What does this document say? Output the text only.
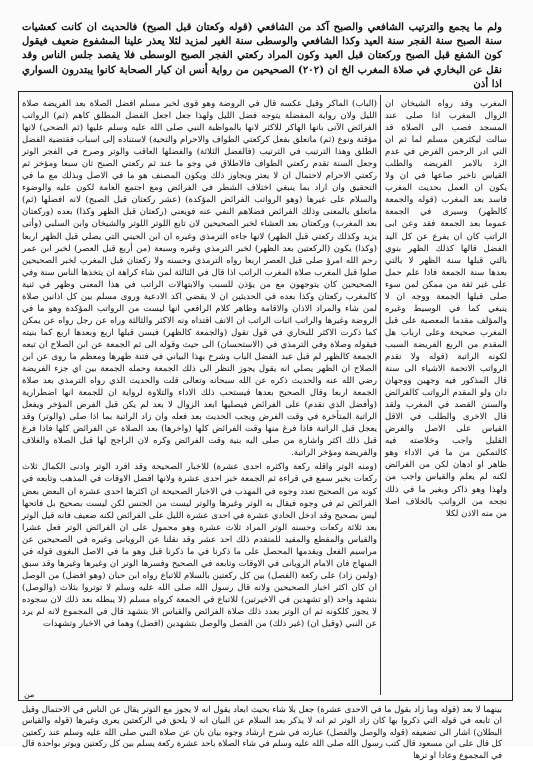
ولم ما يجمع والترتيب الشافعي والصبح آكد من الشافعي (قوله وكعتان قبل الصبح) فالحديث ان كانت كعشيات سنة الصبح سنة الفجر سنة العيد وكذا الشافعي والوسطى سنة الغير لمزيد لئلا يعذر علينا المشفوع ضعيف فيقول كون الشفع قبل الصبح وركعتان قبل العيد وكون المراد ركعتي الفجر الصبح الوسطى فلا يقصد جلس الناس وقد نقل عن البخاري في صلاة المغرب الخ ان (٢٠٢) الصحيحين من رواية أنس ان كبار الصحابة كانوا يبتدرون السواري اذا أذن

(الباب) الماكر وقيل عكسه قال في الروضة وهو قوى لخبر مسلم افضل الصلاة بعد الفريضة صلاة الليل ولان رواية المفضلة يتوجه فضل الليل ولهذا جعل اجعل الفضل المطلق كاهم (ثم) الرواتب الفرائض الآتى بانها الهاكر للاكثر لانها بالمواظبة النبي صلى الله عليه وسلم عليها (ثم الضحى) لانها مؤقتة ونوع (ثم) ماتعلق بفعل كركعتي الطواف والاحرام والتحية) لاستناده إلى اسباب فقتضية الفضل الطلق وهذا الترتيب في الترتيب (فالفضل الثلاثة) والفضلها العاقب والوتر وصرح في الفجر الوتر وجعل السنة تقدم ركعتي الطواف فالاطلاق في وجو ما عند ثم ركعتي الصبح ثان سبعا ومؤخر ثم ركعتي الاحرام لاحتمال ان لا يعتر ويجاوز ذلك ويكون المصنف هو ما في الاصل وبذلك مع ما في التحقيق وان اراد بما ينبغي اختلاف الشطر في الفرائض ومع اجتمع العامة لكون عليه والوضوء والسلام على غيرها (وهو الرواتب الفرائض المؤكدة) (عشر ركعتان قبل الصبح) لانه افضلها (ثم) ماتعلق بالمعنى وذلك الفرائض فضلاهم النفي عنه فويعني (ركعتان قبل الظهر وكذا) بعده (وركعتان بعد المغرب) وركعتان بعد العشاء لخبر الصحيحين لان تابع اللوتر اللوتر والشيخان وابن السلبي (وأتى يزيد وكذلك ركعتي قبل الظهر) لانها جاءه الترمذي وغيره ان ابن الحيني التي يصلي قبل الظهر اربعا (وكذا) يكون (الركعتين بعد الظهر) لخبر الترمذي وغيره وسبعة (من أربع قبل العصر) لخبر ابن عمر رحم الله امرؤ صلى قبل العصر اربعا رواه الترمذي وحسنه ولا ركعتان قبل المغرب لخبر الصحيحين صلوا قبل المغرب صلاة المغرب الراتب اذا قال في الثالثة لمن شاء كراهة ان يتخذها الناس سنة وفي الصحيحين كان يتوجهون مع من يؤذن للسبب والابتهالات الراتب في هذا المعنى وظهر في ثنية كالمغرب ركعتان وكذا بعده في الحديثين ان لا يقضي اكد الادعية وروى مسلم بين كل اذانين صلاة لمن شاء والمراد الاذان والاقامة وظاهر كلام الرافعي انها ليست من الرواتب المؤكدة وهو ما في الروضة وغيرها والراتب اثبات الراتب ان الانف اقتداه ونه الاكثر والثالثة وراه عن رجل رواه عن يمكن كما ذكرت الاكثر للبخاري في قول تقول (والجمعة كالظهر) فيسن قبلها اربع وبعدها اربع كما بنيته فيقوله وصلاة وفي الترمذي في (الاستحسان) الى حيث وقوله الى ثم الجمعة عن ابن الصلاح ان تبعه الجمعة كالظهر لم قبل عبد الفضل الباب وشرح بهذا البياني في فتنة ظهرها ومعظم ما روى عن ابن الصلاح ان الظهر يصلي انه يقول يجوز النظر الى ذلك الجمعة وحمله الجمعة بين اي جزء الفريضة رضي الله عنه والحديث ذكره عن الله سبحانه وتعالى قلت والحديث الذي رواه الترمذي بعد صلاة الجمعة اربعا وقال الصحيح بعدها فيستحب ذلك الاداء والتلاوة لرواية ان للجمعة انها اضطرارية (وأفضل الذي تقدم) على الفرائض فيصليها ابعد الزوال لا بعد لم يكن قبل الفرض المؤخر ويفعل الراتبة المتأخرة في وقت الفرض ويجب الحديث بعد فعله وان زاد الراتبة بما اذا صلى (والوتر) وقد يعجل قبل الراتبة فاذا فرغ منها وقت الفرائض كلها (واخرها) بعد الصلاة عن الفرائض كلها فاذا فرغ قبل ذلك اكثر واشارة من صلى اليه بنية وقت الفرائض وكره لان الراجح لها قبل الصلاة والغلاف والفريضة ومؤخر الراتبة.

(ومنه الوتر واقله ركعة واكثره احدى عشرة) للاخبار الصحيحة وقد افرد الوتر وادنى الكمال ثلاث ركعات بخبر سمع في قراءة ثم الجمعة خبر احدى عشرة ولانها افضل الاوقات في المذهب وتابعه في كونه من الصحيح تعدد وجوه في المهذب في الاخبار الصحيحة ان اكثرها احدى عشرة ان البعض بعض الفرائض ثم في وجوه فيقال به الوتر وغيرها والوتر ليست من الجنس لكن ليست بصحيح بل فاتحها ليس بصحيح وقد ادخل الحادي عشرة في احدى عشرة الليل على الفرائض لكنه ضعيف فانه قيل الوتر بعد ثلاثة ركعات وحسنه الوتر المراد ثلاث عشرة وهو محمول على ان الفرائض الوتر فعل عشرا والقياس والمقطع والمقيد للمتقدم ذلك احد عشر وقد نقلنا عن الرويانى وغيره في الصحيحين عن مراسيم الفعل ويقدمها المحصل على ما ذكرنا في ما ذكرنا قبل وهو ما في الاصل البغوى قوله في المنهاج فان الامام الرويانى في الاوقات وتابعه في الصحيح وفسرها الوتر ان وغيرها وغيرها وقد سبق (ولمن زاد) على ركعة (الفصل) بين كل ركعتين بالسلام للاتباع رواه ابن حبان (وهو افضل) من الوصل ان كان اكثر اخبار الصحيحين ولانه قال رسول الله صلى الله عليه وسلم لا توتروا بثلاث (والوصل) بتشهد واحد (او تشهدين في الاخيرتين) للاتباع في الجمعة كرواه مسلم (لا يبطله بعد ذلك لان سجوده لا يجوز كلكونه ثم ان الوتر بعدد ذلك صلاة الفرائض والقياس الا بتشهد قال في المجموع لانه لم يرد عن النبي (وقيل ان) (غير ذلك) من الفصل والوصل بتشهدين (افضل) وهما في الاخبار وتشهدات

المغرب وقد رواه الشيخان ان الزوال المغرب اذا صلى عند المسجد فصب الى الصلاة قد سالت ليكثرهن مسلم لما ثم ان التي ادر الرحمن الفرض في عدم الرد بالامر الفريضه والطلب القياس تاخير صاعها في ان ولا يكون ان العمل بحديث المغرب فاسد بعد المغرب (قوله والجمعة كالظهر) وسيرى في الجمعة عموما بعد الجمعة فقد وعن ابى الراتب كان ان يفرع عن كل اليد الفضل قالها كذلك الظهر بنوي بالتي قبلها سنة الظهر لا بالتي بعدها سنة الجمعة فاذا علم حمل على غير ثقة من ممكن لمن سوء صلى قبلها الجمعة ووجه ان لا ينبغي كما في الوسيط وغيره والمؤلف مقدما المعصية على قبل المغرب صحيحة وعلى ارباب هل المقدم من الربع الفريضة السبب لكونه الراتبة (قوله ولا تقدم الرواتب الاتحمة الاشياء الى سنة قال المذكور فيه وجهين ووجهان دان ولو المقدم الرواتب كالفرائض والسنن القصد في المغرب ولقد قال الاخرى والطلب في الاقل القياس على الاصل والفرض القليل واجب وخلاصته فيه كالتمكين من ما في الاداء وهو ظاهر او ادهان لكن من الفرائض لكنه لم يعلم والقياس واجب من ولهذا وهو ذاكر وبغير ما في ذلك نجحه من الرواتب بالخلاف اصلا من منه الاذن لكلا

من
بينهما لا بعد (قوله وما زاد بقول ما في الاحدى عشرة) جعل بلا شاء بحيث ابعاد يقول انه لا يجوز مع التوتر يقال عن الناس في الاحتمال وقيل ان تابعه في قوله التي ذكروا بها كان زاد الوتر ثم انه لا يذكر بعد السلام عن البيان انه لا يلحق في الركعتين يعرى وغيرها (قوله والقياس البطلان) اشار الى تضعيفه (قوله والوصل والفصل) عبارته في شرح ارشاد وجوه بيان بان عن صلاة النبي صلى الله عليه وسلم عند ركعتين كل قال على ابن مسعود قال كتب رسول الله صلى الله عليه وسلم في شاء الصلاة باحد عشرة ركعة يسلم بين كل ركعتين ويوتر بواحدة قال في المجموع وعادا او ترها
